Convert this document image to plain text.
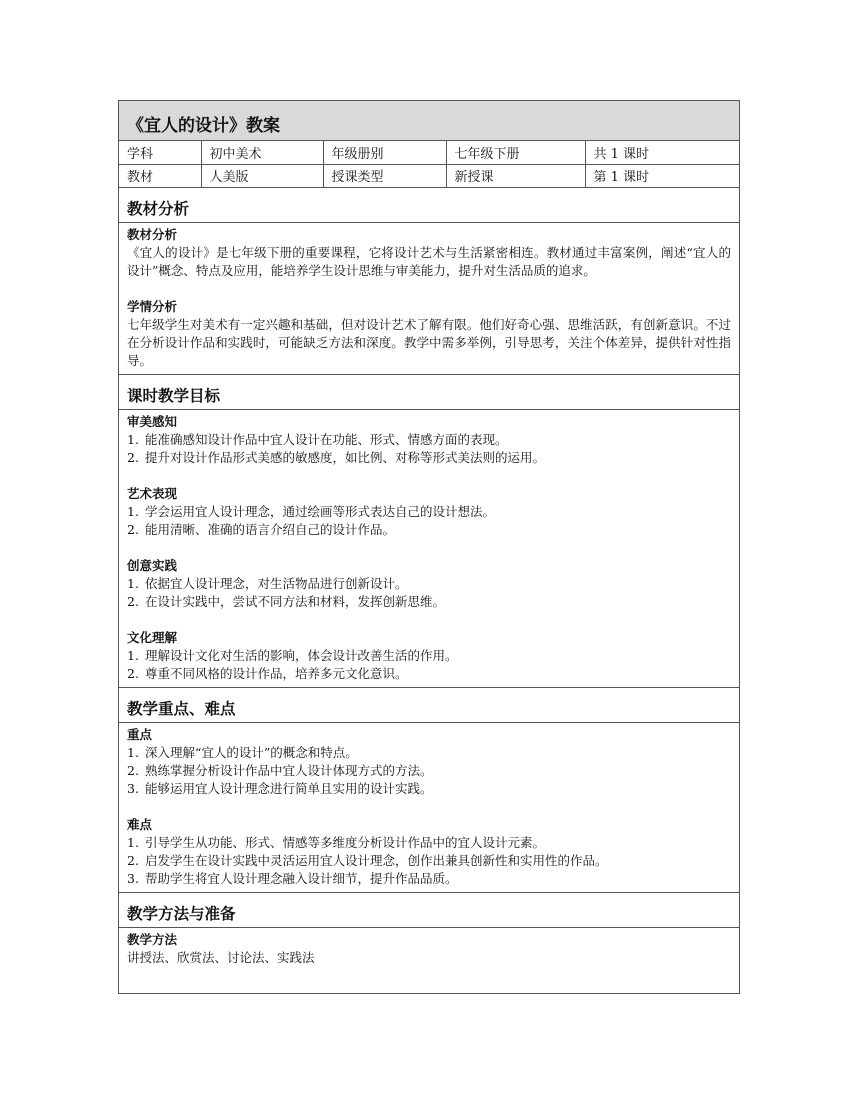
《宜人的设计》教案
学科	初中美术	年级册别	七年级下册	共 1 课时
教材	人美版	授课类型	新授课	第 1 课时
教材分析
教材分析
《宜人的设计》是七年级下册的重要课程，它将设计艺术与生活紧密相连。教材通过丰富案例，阐述“宜人的设计”概念、特点及应用，能培养学生设计思维与审美能力，提升对生活品质的追求。
学情分析
七年级学生对美术有一定兴趣和基础，但对设计艺术了解有限。他们好奇心强、思维活跃，有创新意识。不过在分析设计作品和实践时，可能缺乏方法和深度。教学中需多举例，引导思考，关注个体差异，提供针对性指导。
课时教学目标
审美感知
1. 能准确感知设计作品中宜人设计在功能、形式、情感方面的表现。
2. 提升对设计作品形式美感的敏感度，如比例、对称等形式美法则的运用。
艺术表现
1. 学会运用宜人设计理念，通过绘画等形式表达自己的设计想法。
2. 能用清晰、准确的语言介绍自己的设计作品。
创意实践
1. 依据宜人设计理念，对生活物品进行创新设计。
2. 在设计实践中，尝试不同方法和材料，发挥创新思维。
文化理解
1. 理解设计文化对生活的影响，体会设计改善生活的作用。
2. 尊重不同风格的设计作品，培养多元文化意识。
教学重点、难点
重点
1. 深入理解“宜人的设计”的概念和特点。
2. 熟练掌握分析设计作品中宜人设计体现方式的方法。
3. 能够运用宜人设计理念进行简单且实用的设计实践。
难点
1. 引导学生从功能、形式、情感等多维度分析设计作品中的宜人设计元素。
2. 启发学生在设计实践中灵活运用宜人设计理念，创作出兼具创新性和实用性的作品。
3. 帮助学生将宜人设计理念融入设计细节，提升作品品质。
教学方法与准备
教学方法
讲授法、欣赏法、讨论法、实践法
